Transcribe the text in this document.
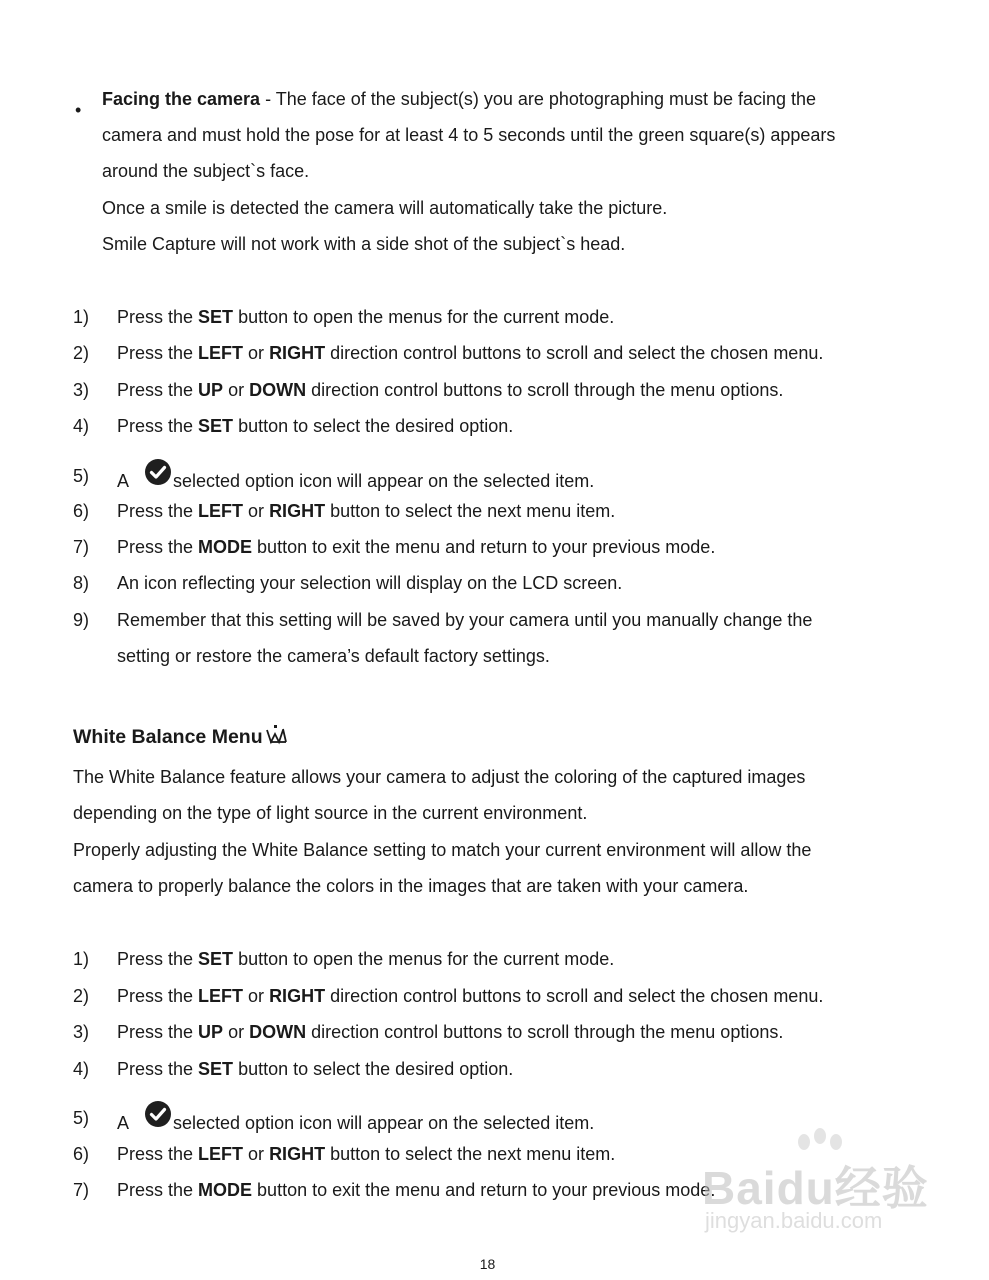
•
Facing the camera - The face of the subject(s) you are photographing must be facing the
camera and must hold the pose for at least 4 to 5 seconds until the green square(s) appears
around the subject`s face.
Once a smile is detected the camera will automatically take the picture.
Smile Capture will not work with a side shot of the subject`s head.
1) Press the SET button to open the menus for the current mode.
2) Press the LEFT or RIGHT direction control buttons to scroll and select the chosen menu.
3) Press the UP or DOWN direction control buttons to scroll through the menu options.
4) Press the SET button to select the desired option.
5) A selected option icon will appear on the selected item.
6) Press the LEFT or RIGHT button to select the next menu item.
7) Press the MODE button to exit the menu and return to your previous mode.
8) An icon reflecting your selection will display on the LCD screen.
9) Remember that this setting will be saved by your camera until you manually change the
setting or restore the camera’s default factory settings.
White Balance Menu
The White Balance feature allows your camera to adjust the coloring of the captured images
depending on the type of light source in the current environment.
Properly adjusting the White Balance setting to match your current environment will allow the
camera to properly balance the colors in the images that are taken with your camera.
1) Press the SET button to open the menus for the current mode.
2) Press the LEFT or RIGHT direction control buttons to scroll and select the chosen menu.
3) Press the UP or DOWN direction control buttons to scroll through the menu options.
4) Press the SET button to select the desired option.
5) A selected option icon will appear on the selected item.
6) Press the LEFT or RIGHT button to select the next menu item.
7) Press the MODE button to exit the menu and return to your previous mode.
Baidu经验
jingyan.baidu.com
18
